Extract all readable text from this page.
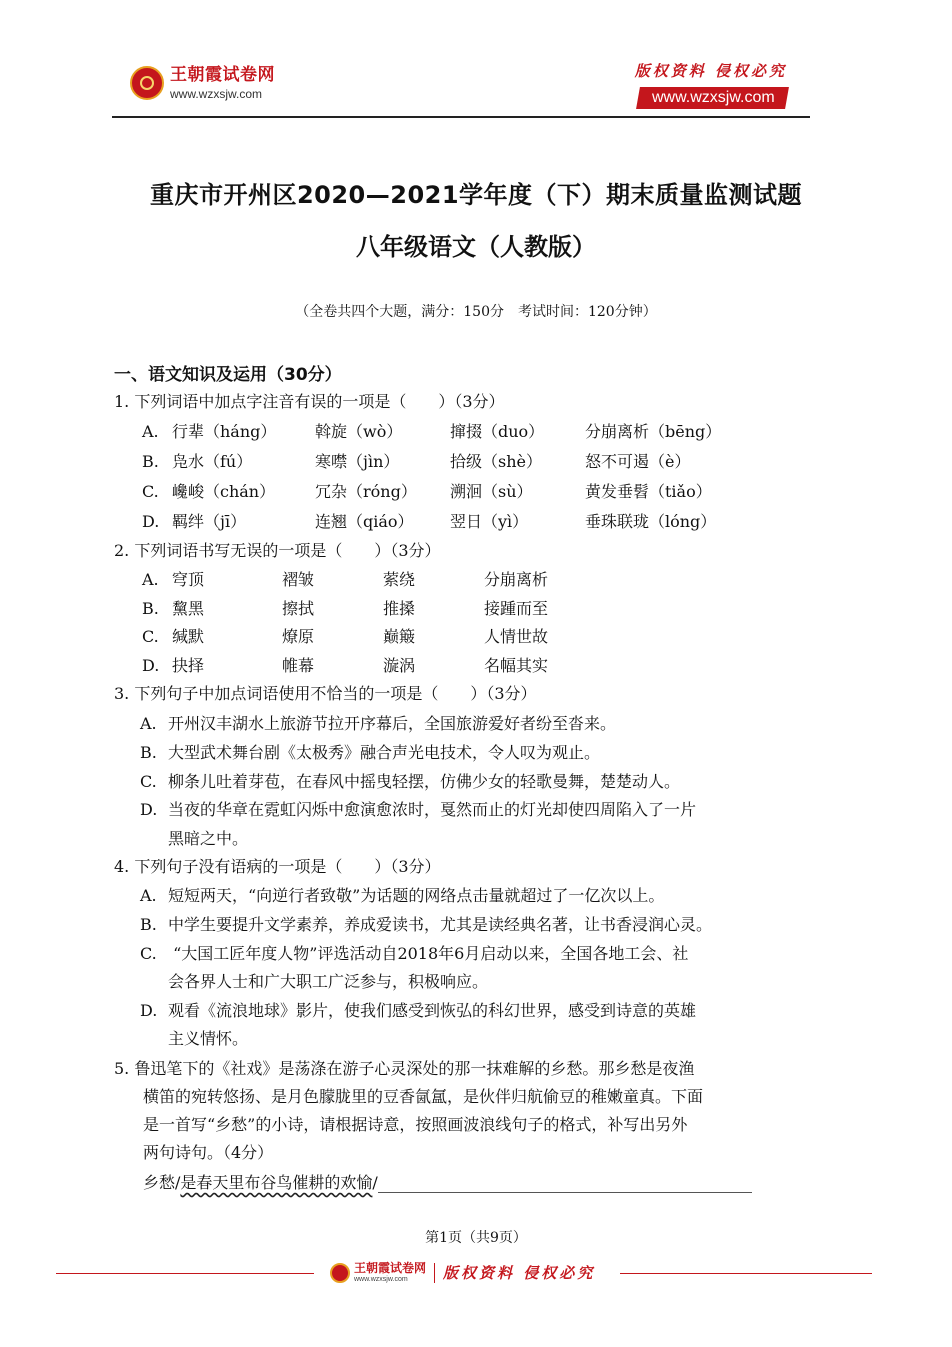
王朝霞试卷网
www.wzxsjw.com
版权资料 侵权必究
www.wzxsjw.com
重庆市开州区2020—2021学年度（下）期末质量监测试题
八年级语文（人教版）
（全卷共四个大题，满分：150分　考试时间：120分钟）
一、语文知识及运用（30分）
1. 下列词语中加点字注音有误的一项是（　　）（3分）
A. 行辈（háng） 斡旋（wò）	撺掇（duo）	分崩离析（bēng）
B. 凫水（fú）	寒噤（jìn）	拾级（shè）	怒不可遏（è）
C. 巉峻（chán） 冗杂（róng） 溯洄（sù）	黄发垂髫（tiǎo）
D. 羁绊（jī）	连翘（qiáo） 翌日（yì）	垂珠联珑（lóng）
2. 下列词语书写无误的一项是（　　）（3分）
A. 穹顶	褶皱	萦绕	分崩离析
B. 黧黑	擦拭	推搡	接踵而至
C. 缄默	燎原	巅簸	人情世故
D. 抉择	帷幕	漩涡	名幅其实
3. 下列句子中加点词语使用不恰当的一项是（　　）（3分）
A. 开州汉丰湖水上旅游节拉开序幕后，全国旅游爱好者纷至沓来。
B. 大型武术舞台剧《太极秀》融合声光电技术，令人叹为观止。
C. 柳条儿吐着芽苞，在春风中摇曳轻摆，仿佛少女的轻歌曼舞，楚楚动人。
D. 当夜的华章在霓虹闪烁中愈演愈浓时，戛然而止的灯光却使四周陷入了一片
黑暗之中。
4. 下列句子没有语病的一项是（　　）（3分）
A. 短短两天，“向逆行者致敬”为话题的网络点击量就超过了一亿次以上。
B. 中学生要提升文学素养，养成爱读书，尤其是读经典名著，让书香浸润心灵。
C. “大国工匠年度人物”评选活动自2018年6月启动以来，全国各地工会、社
会各界人士和广大职工广泛参与，积极响应。
D. 观看《流浪地球》影片，使我们感受到恢弘的科幻世界，感受到诗意的英雄
主义情怀。
5. 鲁迅笔下的《社戏》是荡涤在游子心灵深处的那一抹难解的乡愁。那乡愁是夜渔
横笛的宛转悠扬、是月色朦胧里的豆香氤氲，是伙伴归航偷豆的稚嫩童真。下面
是一首写“乡愁”的小诗，请根据诗意，按照画波浪线句子的格式，补写出另外
两句诗句。（4分）
乡愁/是春天里布谷鸟催耕的欢愉/
第1页（共9页）
王朝霞试卷网
www.wzxsjw.com	版权资料 侵权必究
